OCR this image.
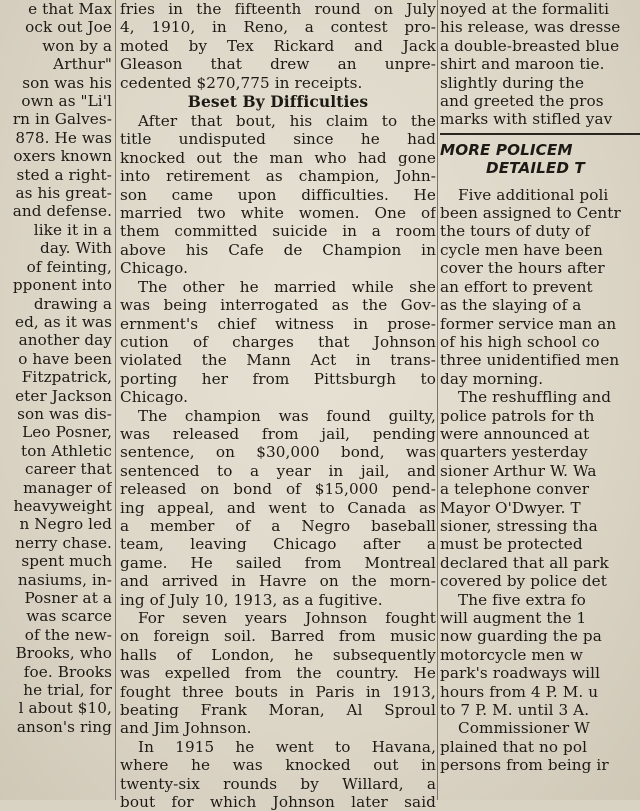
e that Max

ock out Joe

won by a

Arthur"

son was his

own as "Li'l

rn in Galves-

878. He was

oxers known

sted a right-

as his great-

and defense.

like it in a

day. With

of feinting,

pponent into

drawing a

ed, as it was

another day

o have been

Fitzpatrick,

eter Jackson

son was dis-

Leo Posner,

ton Athletic

career that

manager of

heavyweight

n Negro led

nerry chase.

spent much

nasiums, in-

Posner at a

was scarce

of the new-

Brooks, who

foe. Brooks

he trial, for

l about $10,

anson's ring

fries in the fifteenth round on July

4, 1910, in Reno, a contest pro-

moted by Tex Rickard and Jack

Gleason that drew an unpre-

cedented $270,775 in receipts.

Beset By Difficulties

After that bout, his claim to the

title undisputed since he had

knocked out the man who had gone

into retirement as champion, John-

son came upon difficulties. He

married two white women. One of

them committed suicide in a room

above his Cafe de Champion in

Chicago.

The other he married while she

was being interrogated as the Gov-

ernment's chief witness in prose-

cution of charges that Johnson

violated the Mann Act in trans-

porting her from Pittsburgh to

Chicago.

The champion was found guilty,

was released from jail, pending

sentence, on $30,000 bond, was

sentenced to a year in jail, and

released on bond of $15,000 pend-

ing appeal, and went to Canada as

a member of a Negro baseball

team, leaving Chicago after a

game. He sailed from Montreal

and arrived in Havre on the morn-

ing of July 10, 1913, as a fugitive.

For seven years Johnson fought

on foreign soil. Barred from music

halls of London, he subsequently

was expelled from the country. He

fought three bouts in Paris in 1913,

beating Frank Moran, Al Sproul

and Jim Johnson.

In 1915 he went to Havana,

where he was knocked out in

twenty-six rounds by Willard, a

bout for which Johnson later said

noyed at the formaliti

his release, was dresse

a double-breasted blue

shirt and maroon tie.

slightly during the

and greeted the pros

marks with stifled yav

MORE POLICEM

DETAILED T

Five additional poli

been assigned to Centr

the tours of duty of

cycle men have been

cover the hours after

an effort to prevent

as the slaying of a

former service man an

of his high school co

three unidentified men

day morning.

The reshuffling and

police patrols for th

were announced at

quarters yesterday

sioner Arthur W. Wa

a telephone conver

Mayor O'Dwyer. T

sioner, stressing tha

must be protected

declared that all park

covered by police det

The five extra fo

will augment the 1

now guarding the pa

motorcycle men w

park's roadways will

hours from 4 P. M. u

to 7 P. M. until 3 A.

Commissioner W

plained that no pol

persons from being ir
